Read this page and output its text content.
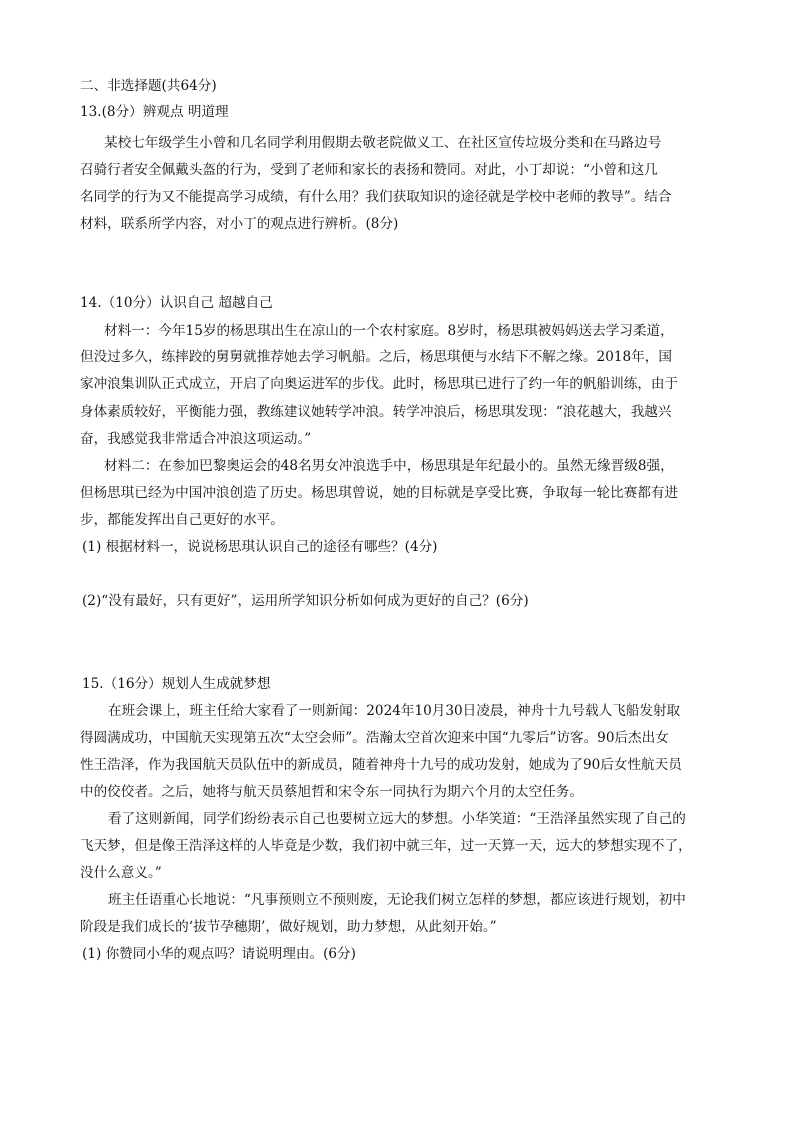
二、非选择题(共64分)
13.(8分）辨观点 明道理
某校七年级学生小曾和几名同学利用假期去敬老院做义工、在社区宣传垃圾分类和在马路边号
召骑行者安全佩戴头盔的行为，受到了老师和家长的表扬和赞同。对此，小丁却说：“小曾和这几
名同学的行为又不能提高学习成绩，有什么用？我们获取知识的途径就是学校中老师的教导”。结合
材料，联系所学内容，对小丁的观点进行辨析。(8分)
14.（10分）认识自己 超越自己
材料一：今年15岁的杨思琪出生在凉山的一个农村家庭。8岁时，杨思琪被妈妈送去学习柔道，
但没过多久，练摔跤的舅舅就推荐她去学习帆船。之后，杨思琪便与水结下不解之缘。2018年，国
家冲浪集训队正式成立，开启了向奥运进军的步伐。此时，杨思琪已进行了约一年的帆船训练，由于
身体素质较好，平衡能力强，教练建议她转学冲浪。转学冲浪后，杨思琪发现：“浪花越大，我越兴
奋，我感觉我非常适合冲浪这项运动。”
材料二：在参加巴黎奥运会的48名男女冲浪选手中，杨思琪是年纪最小的。虽然无缘晋级8强，
但杨思琪已经为中国冲浪创造了历史。杨思琪曾说，她的目标就是享受比赛，争取每一轮比赛都有进
步，都能发挥出自己更好的水平。
(1) 根据材料一，说说杨思琪认识自己的途径有哪些？(4分)
(2)“没有最好，只有更好”，运用所学知识分析如何成为更好的自己？(6分)
15.（16分）规划人生成就梦想
在班会课上，班主任给大家看了一则新闻：2024年10月30日凌晨，神舟十九号载人飞船发射取
得圆满成功，中国航天实现第五次“太空会师”。浩瀚太空首次迎来中国“九零后”访客。90后杰出女
性王浩泽，作为我国航天员队伍中的新成员，随着神舟十九号的成功发射，她成为了90后女性航天员
中的佼佼者。之后，她将与航天员蔡旭哲和宋令东一同执行为期六个月的太空任务。
看了这则新闻，同学们纷纷表示自己也要树立远大的梦想。小华笑道：“王浩泽虽然实现了自己的
飞天梦，但是像王浩泽这样的人毕竟是少数，我们初中就三年，过一天算一天，远大的梦想实现不了，
没什么意义。”
班主任语重心长地说：“凡事预则立不预则废，无论我们树立怎样的梦想，都应该进行规划，初中
阶段是我们成长的‘拔节孕穗期’，做好规划，助力梦想，从此刻开始。”
(1) 你赞同小华的观点吗？请说明理由。(6分)
